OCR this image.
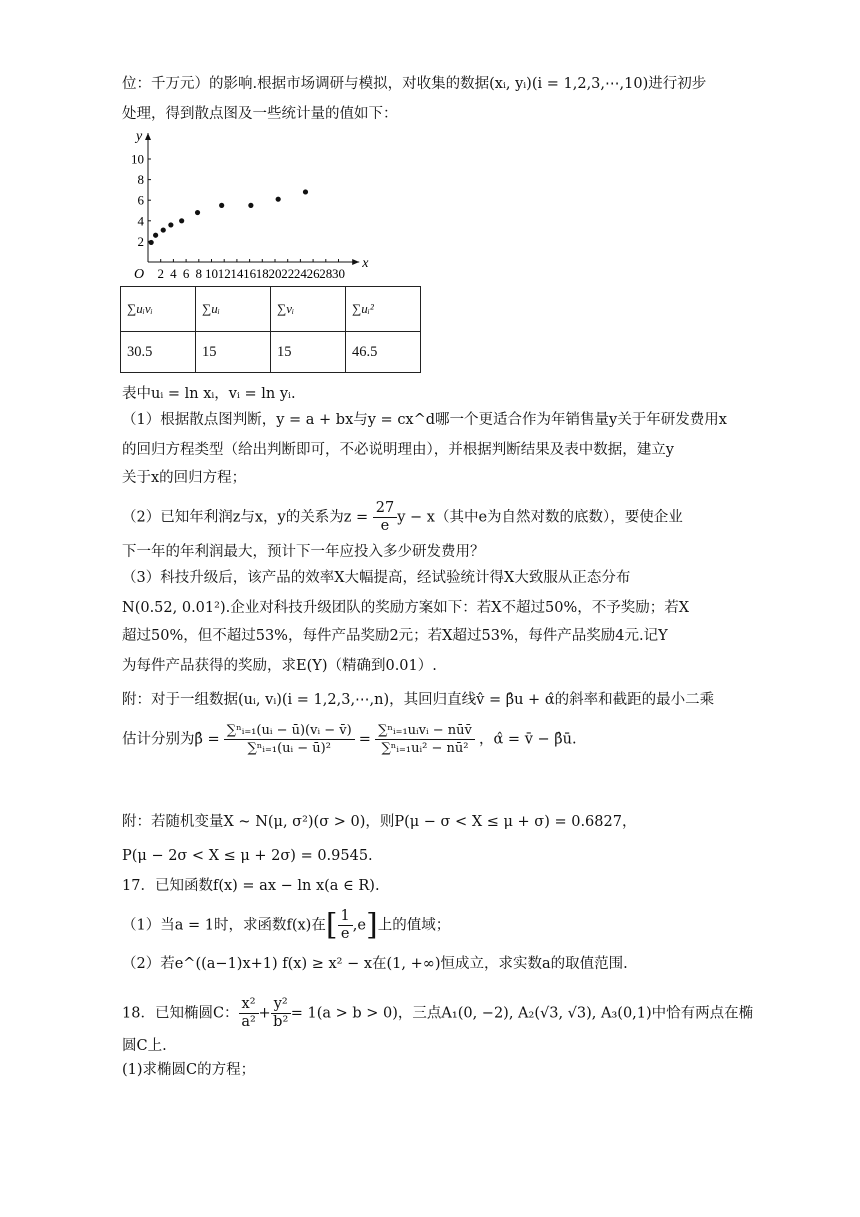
位：千万元）的影响.根据市场调研与模拟，对收集的数据(xᵢ, yᵢ)(i = 1,2,3,⋯,10)进行初步
处理，得到散点图及一些统计量的值如下：
x
y
O 2 4 6 8 10 12 14 16 18 20 22 24 26 28 30
2
4
6
8
10
∑uᵢvᵢ	∑uᵢ	∑vᵢ	∑uᵢ²
30.5	15	15	46.5
表中uᵢ = ln xᵢ，vᵢ = ln yᵢ.
（1）根据散点图判断，y = a + bx与y = cx^d哪一个更适合作为年销售量y关于年研发费用x
的回归方程类型（给出判断即可，不必说明理由），并根据判断结果及表中数据，建立y
关于x的回归方程；
（2）已知年利润z与x，y的关系为$z = \frac{27}{e}$ y − x（其中e为自然对数的底数），要使企业
下一年的年利润最大，预计下一年应投入多少研发费用？
（3）科技升级后，该产品的效率X大幅提高，经试验统计得X大致服从正态分布
N(0.52, 0.01²).企业对科技升级团队的奖励方案如下：若X不超过50%，不予奖励；若X
超过50%，但不超过53%，每件产品奖励2元；若X超过53%，每件产品奖励4元.记Y
为每件产品获得的奖励，求E(Y)（精确到0.01）.
附：对于一组数据(uᵢ, vᵢ)(i = 1,2,3,⋯,n)，其回归直线v̂ = β̂u + α̂的斜率和截距的最小二乘
估计分别为β̂ = $\frac{\text{∑ⁿᵢ₌₁(uᵢ − ū)(vᵢ − v̄)}}{\text{∑ⁿᵢ₌₁(uᵢ − ū)²}} = \frac{\text{∑ⁿᵢ₌₁uᵢvᵢ − nūv̄}}{\text{∑ⁿᵢ₌₁uᵢ² − nū²}}$ ，α̂ = v̄ − β̂ū.
附：若随机变量X ~ N(μ, σ²)(σ > 0)，则P(μ − σ < X ≤ μ + σ) = 0.6827，
P(μ − 2σ < X ≤ μ + 2σ) = 0.9545.
17．已知函数f(x) = ax − ln x(a ∈ R).
（1）当a = 1时，求函数f(x)在[ $\frac{1}{e} ,e$]上的值域；
（2）若e^((a−1)x+1) f(x) ≥ x² − x在(1, +∞)恒成立，求实数a的取值范围.
18．已知椭圆C： $\frac{\text{x²}}{\text{a²}} + \frac{\text{y²}}{\text{b²}} = 1(a > b > 0)$，三点A₁(0, −2), A₂(√3, √3), A₃(0,1)中恰有两点在椭
圆C上.
(1)求椭圆C的方程；
